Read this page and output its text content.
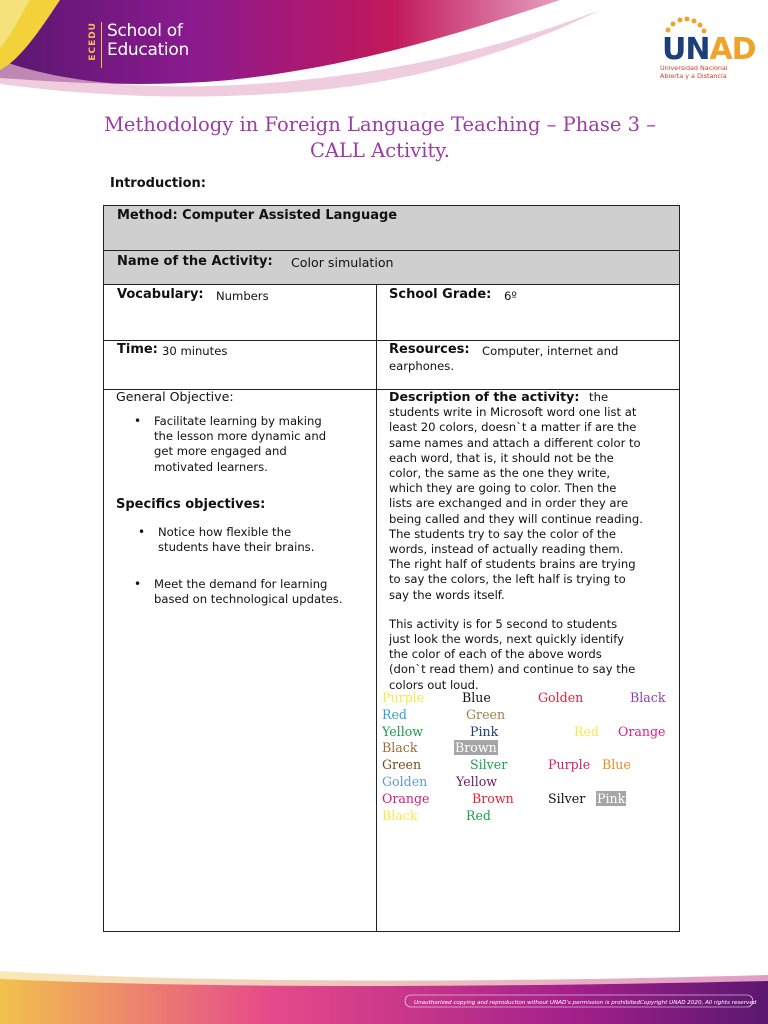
ECEDU School of
Education	UNAD
Universidad Nacional
Abierta y a Distancia
Methodology in Foreign Language Teaching – Phase 3 –
CALL Activity.
Introduction:
Method: Computer Assisted Language
Name of the Activity: Color simulation
Vocabulary: Numbers	School Grade: 6º
Time: 30 minutes	Resources: Computer, internet and
earphones.
General Objective:
• Facilitate learning by making
the lesson more dynamic and
get more engaged and
motivated learners.
Specifics objectives:
• Notice how flexible the
students have their brains.
• Meet the demand for learning
based on technological updates.
Description of the activity: the
students write in Microsoft word one list at
least 20 colors, doesn`t a matter if are the
same names and attach a different color to
each word, that is, it should not be the
color, the same as the one they write,
which they are going to color. Then the
lists are exchanged and in order they are
being called and they will continue reading.
The students try to say the color of the
words, instead of actually reading them.
The right half of students brains are trying
to say the colors, the left half is trying to
say the words itself.
This activity is for 5 second to students
just look the words, next quickly identify
the color of each of the above words
(don`t read them) and continue to say the
colors out loud.
Purple	Blue	Golden	Black
Red	Green
Yellow	Pink	Red Orange
Black	Brown
Green	Silver	Purple Blue
Golden Yellow
Orange	Brown	Silver Pink
Black	Red
Unauthorized copying and reproduction without UNAD's permission is prohibited Copyright UNAD 2020, All rights reserved
